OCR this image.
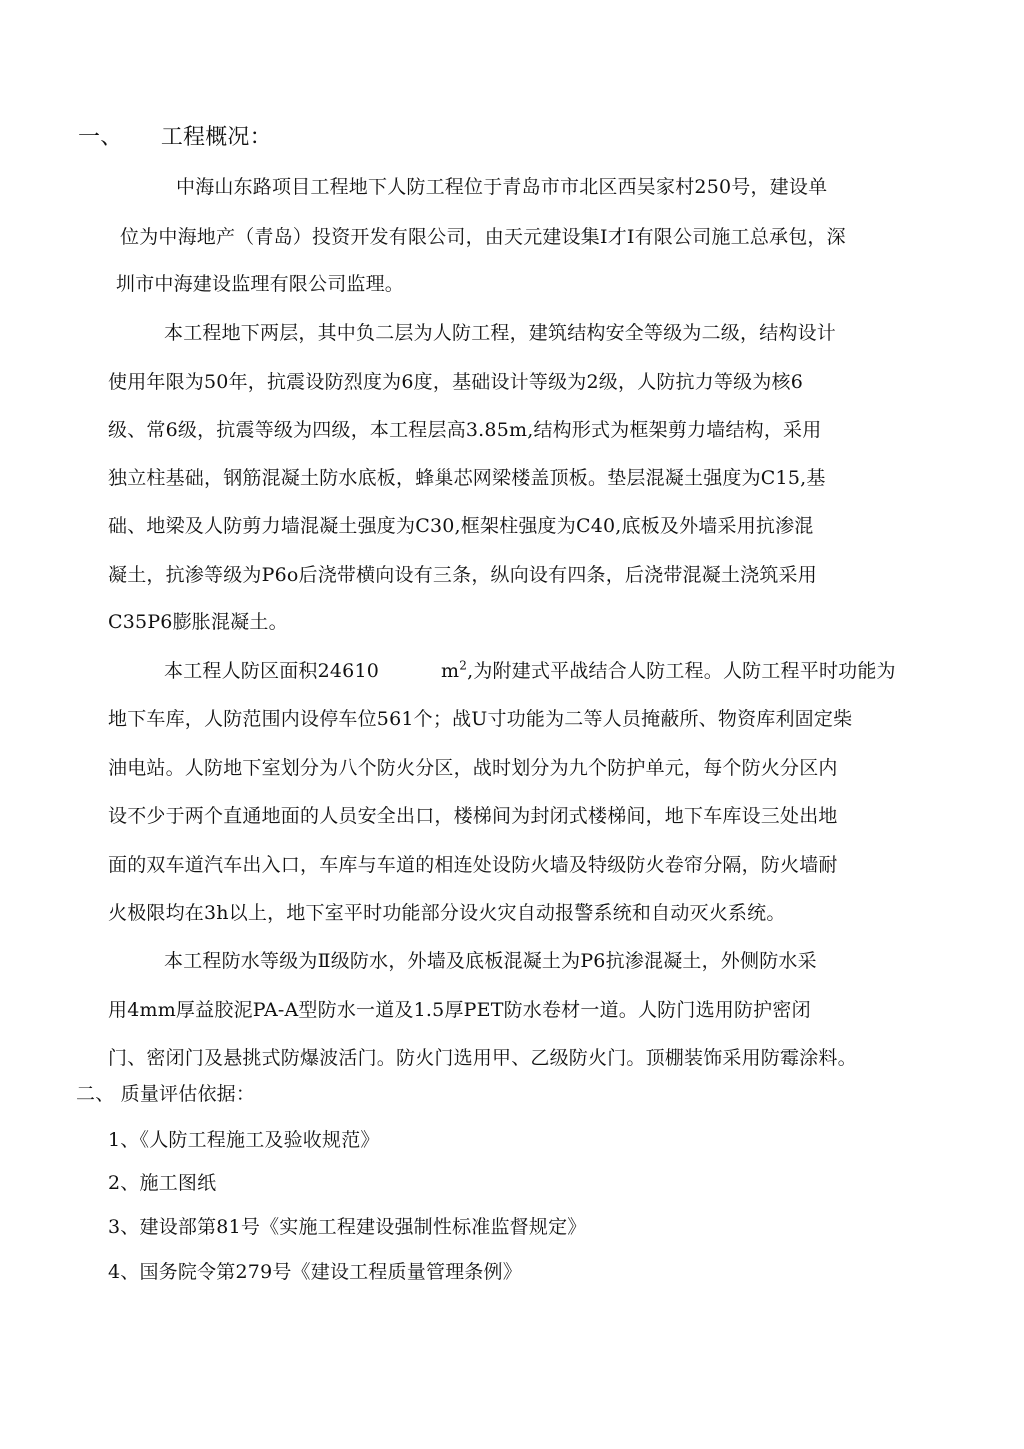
一、 工程概况：
中海山东路项目工程地下人防工程位于青岛市市北区西吴家村250号，建设单
位为中海地产（青岛）投资开发有限公司，由天元建设集I才I有限公司施工总承包，深
圳市中海建设监理有限公司监理。
本工程地下两层，其中负二层为人防工程，建筑结构安全等级为二级，结构设计
使用年限为50年，抗震设防烈度为6度，基础设计等级为2级，人防抗力等级为核6
级、常6级，抗震等级为四级，本工程层高3.85m,结构形式为框架剪力墙结构，采用
独立柱基础，钢筋混凝土防水底板，蜂巢芯网梁楼盖顶板。垫层混凝土强度为C15,基
础、地梁及人防剪力墙混凝土强度为C30,框架柱强度为C40,底板及外墙采用抗渗混
凝土，抗渗等级为P6o后浇带横向设有三条，纵向设有四条，后浇带混凝土浇筑采用
C35P6膨胀混凝土。
本工程人防区面积24610	$m^2$,为附建式平战结合人防工程。人防工程平时功能为
地下车库，人防范围内设停车位561个；战U寸功能为二等人员掩蔽所、物资库利固定柴
油电站。人防地下室划分为八个防火分区，战时划分为九个防护单元，每个防火分区内
设不少于两个直通地面的人员安全出口，楼梯间为封闭式楼梯间，地下车库设三处出地
面的双车道汽车出入口，车库与车道的相连处设防火墙及特级防火卷帘分隔，防火墙耐
火极限均在3h以上，地下室平时功能部分设火灾自动报警系统和自动灭火系统。
本工程防水等级为Ⅱ级防水，外墙及底板混凝土为P6抗渗混凝土，外侧防水采
用4mm厚益胶泥PA-A型防水一道及1.5厚PET防水卷材一道。人防门选用防护密闭
门、密闭门及悬挑式防爆波活门。防火门选用甲、乙级防火门。顶棚装饰采用防霉涂料。
二、 质量评估依据：
1、《人防工程施工及验收规范》
2、施工图纸
3、建设部第81号《实施工程建设强制性标准监督规定》
4、国务院令第279号《建设工程质量管理条例》
